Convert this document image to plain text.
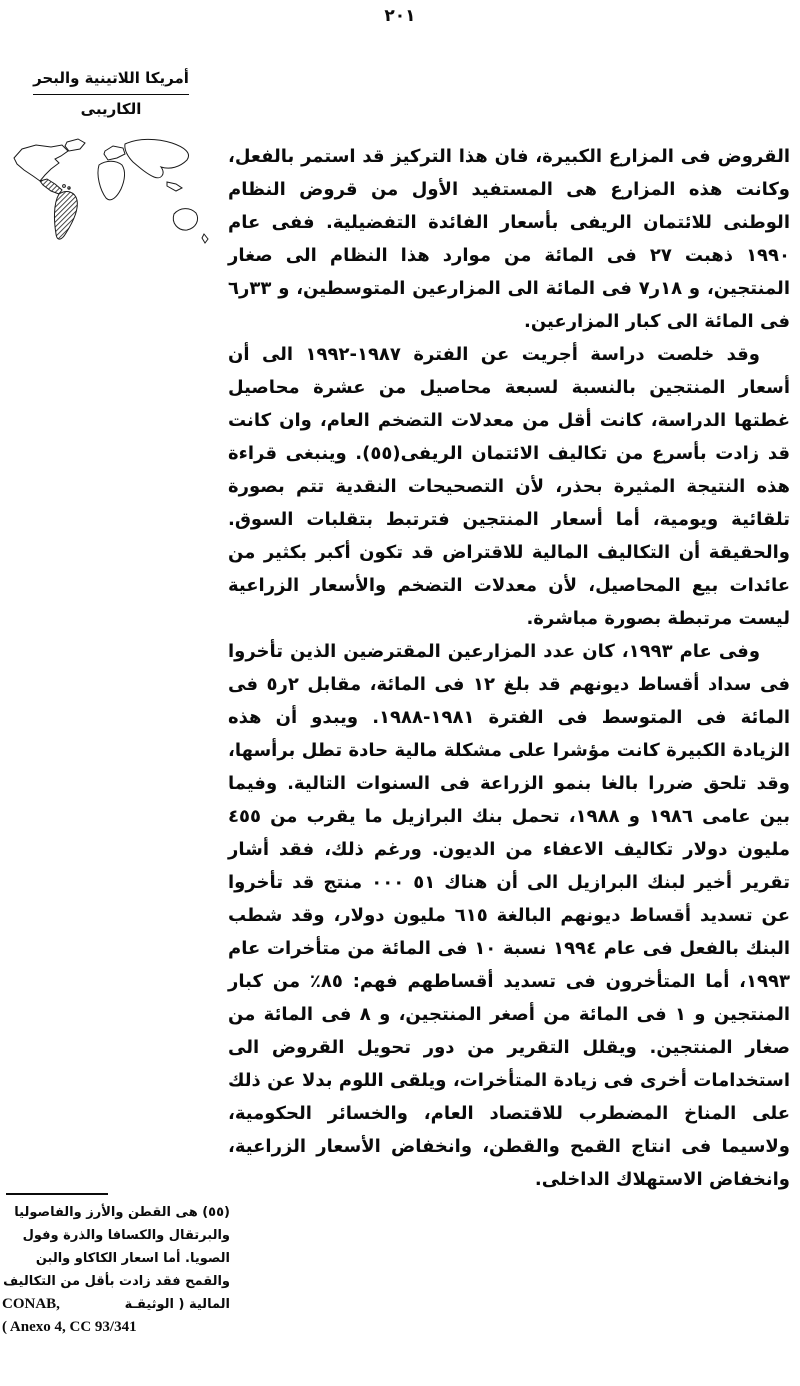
٢٠١
أمريكا اللاتينية والبحر
الكاريبى

القروض فى المزارع الكبيرة، فان هذا التركيز قد استمر بالفعل، وكانت هذه المزارع هى المستفيد الأول من قروض النظام الوطنى للائتمان الريفى بأسعار الفائدة التفضيلية. ففى عام ١٩٩٠ ذهبت ٢٧ فى المائة من موارد هذا النظام الى صغار المنتجين، و ١٨ر٧ فى المائة الى المزارعين المتوسطين، و ٣٣ر٦ فى المائة الى كبار المزارعين.

وقد خلصت دراسة أجريت عن الفترة ١٩٨٧-١٩٩٢ الى أن أسعار المنتجين بالنسبة لسبعة محاصيل من عشرة محاصيل غطتها الدراسة، كانت أقل من معدلات التضخم العام، وان كانت قد زادت بأسرع من تكاليف الائتمان الريفى(٥٥). وينبغى قراءة هذه النتيجة المثيرة بحذر، لأن التصحيحات النقدية تتم بصورة تلقائية ويومية، أما أسعار المنتجين فترتبط بتقلبات السوق. والحقيقة أن التكاليف المالية للاقتراض قد تكون أكبر بكثير من عائدات بيع المحاصيل، لأن معدلات التضخم والأسعار الزراعية ليست مرتبطة بصورة مباشرة.

وفى عام ١٩٩٣، كان عدد المزارعين المقترضين الذين تأخروا فى سداد أقساط ديونهم قد بلغ ١٢ فى المائة، مقابل ٢ر٥ فى المائة فى المتوسط فى الفترة ١٩٨١-١٩٨٨. ويبدو أن هذه الزيادة الكبيرة كانت مؤشرا على مشكلة مالية حادة تطل برأسها، وقد تلحق ضررا بالغا بنمو الزراعة فى السنوات التالية. وفيما بين عامى ١٩٨٦ و ١٩٨٨، تحمل بنك البرازيل ما يقرب من ٤٥٥ مليون دولار تكاليف الاعفاء من الديون. ورغم ذلك، فقد أشار تقرير أخير لبنك البرازيل الى أن هناك ⁦٥١ ٠٠٠⁩ منتج قد تأخروا عن تسديد أقساط ديونهم البالغة ٦١٥ مليون دولار، وقد شطب البنك بالفعل فى عام ١٩٩٤ نسبة ١٠ فى المائة من متأخرات عام ١٩٩٣، أما المتأخرون فى تسديد أقساطهم فهم: ٨٥٪ من كبار المنتجين و ١ فى المائة من أصغر المنتجين، و ٨ فى المائة من صغار المنتجين. ويقلل التقرير من دور تحويل القروض الى استخدامات أخرى فى زيادة المتأخرات، ويلقى اللوم بدلا عن ذلك على المناخ المضطرب للاقتصاد العام، والخسائر الحكومية، ولاسيما فى انتاج القمح والقطن، وانخفاض الأسعار الزراعية، وانخفاض الاستهلاك الداخلى.

(٥٥) هى القطن والأرز والفاصوليا
والبرتقال والكسافا والذرة وفول
الصويا. أما اسعار الكاكاو والبن
والقمح فقد زادت بأقل من التكاليف
المالية ( الوثيقـة
CONAB,
( Anexo 4, CC 93/341
